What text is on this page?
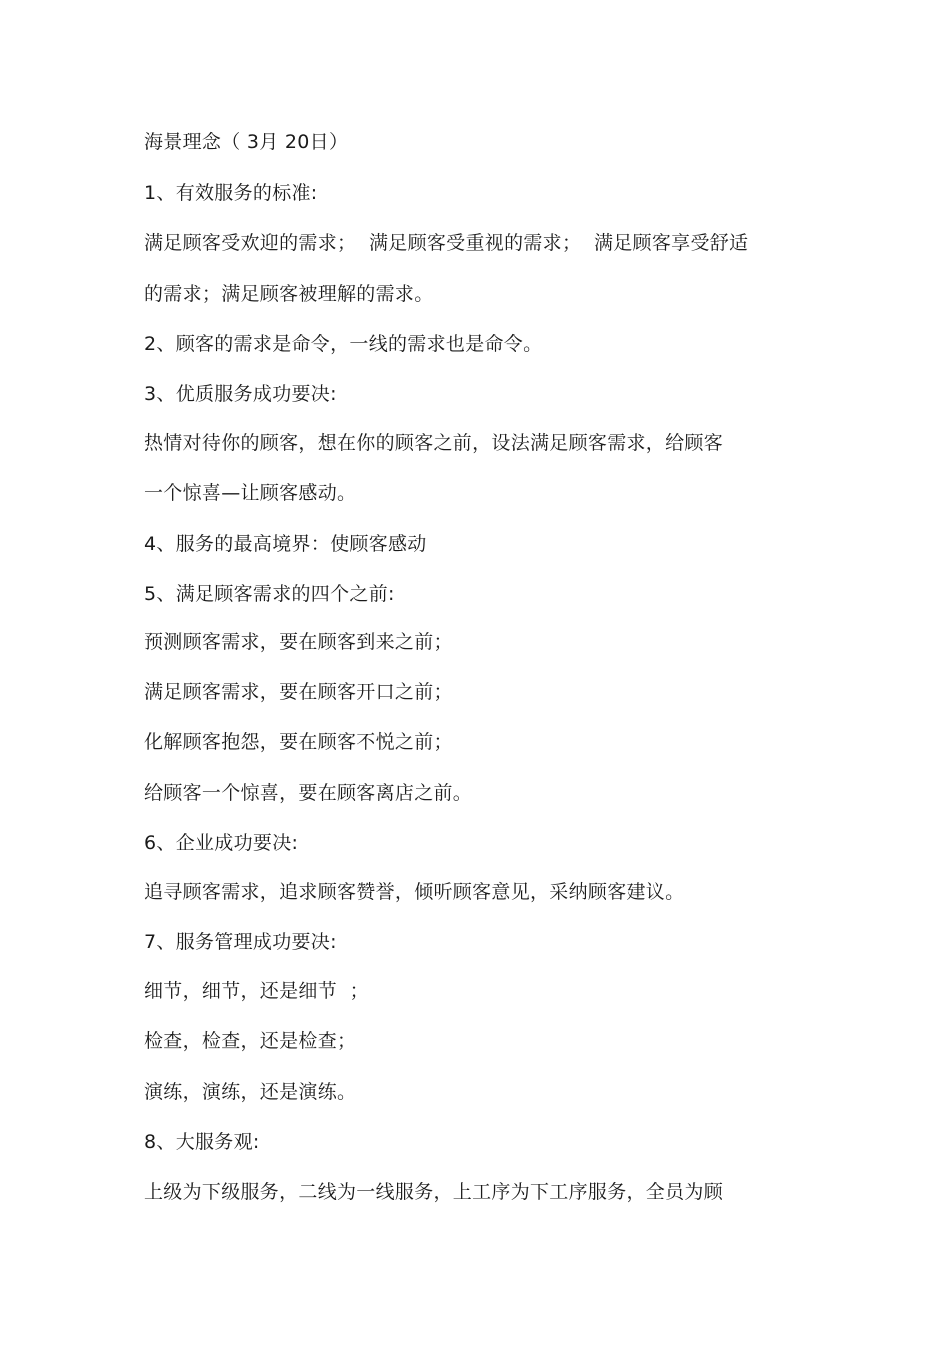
海景理念（ 3月 20日）
1、有效服务的标准:
满足顾客受欢迎的需求；  满足顾客受重视的需求；  满足顾客享受舒适
的需求；满足顾客被理解的需求。
2、顾客的需求是命令，一线的需求也是命令。
3、优质服务成功要决:
热情对待你的顾客，想在你的顾客之前，设法满足顾客需求，给顾客
一个惊喜—让顾客感动。
4、服务的最高境界：使顾客感动
5、满足顾客需求的四个之前:
预测顾客需求，要在顾客到来之前；
满足顾客需求，要在顾客开口之前；
化解顾客抱怨，要在顾客不悦之前；
给顾客一个惊喜，要在顾客离店之前。
6、企业成功要决:
追寻顾客需求，追求顾客赞誉，倾听顾客意见，采纳顾客建议。
7、服务管理成功要决:
细节，细节，还是细节  ；
检查，检查，还是检查；
演练，演练，还是演练。
8、大服务观:
上级为下级服务，二线为一线服务，上工序为下工序服务，全员为顾
